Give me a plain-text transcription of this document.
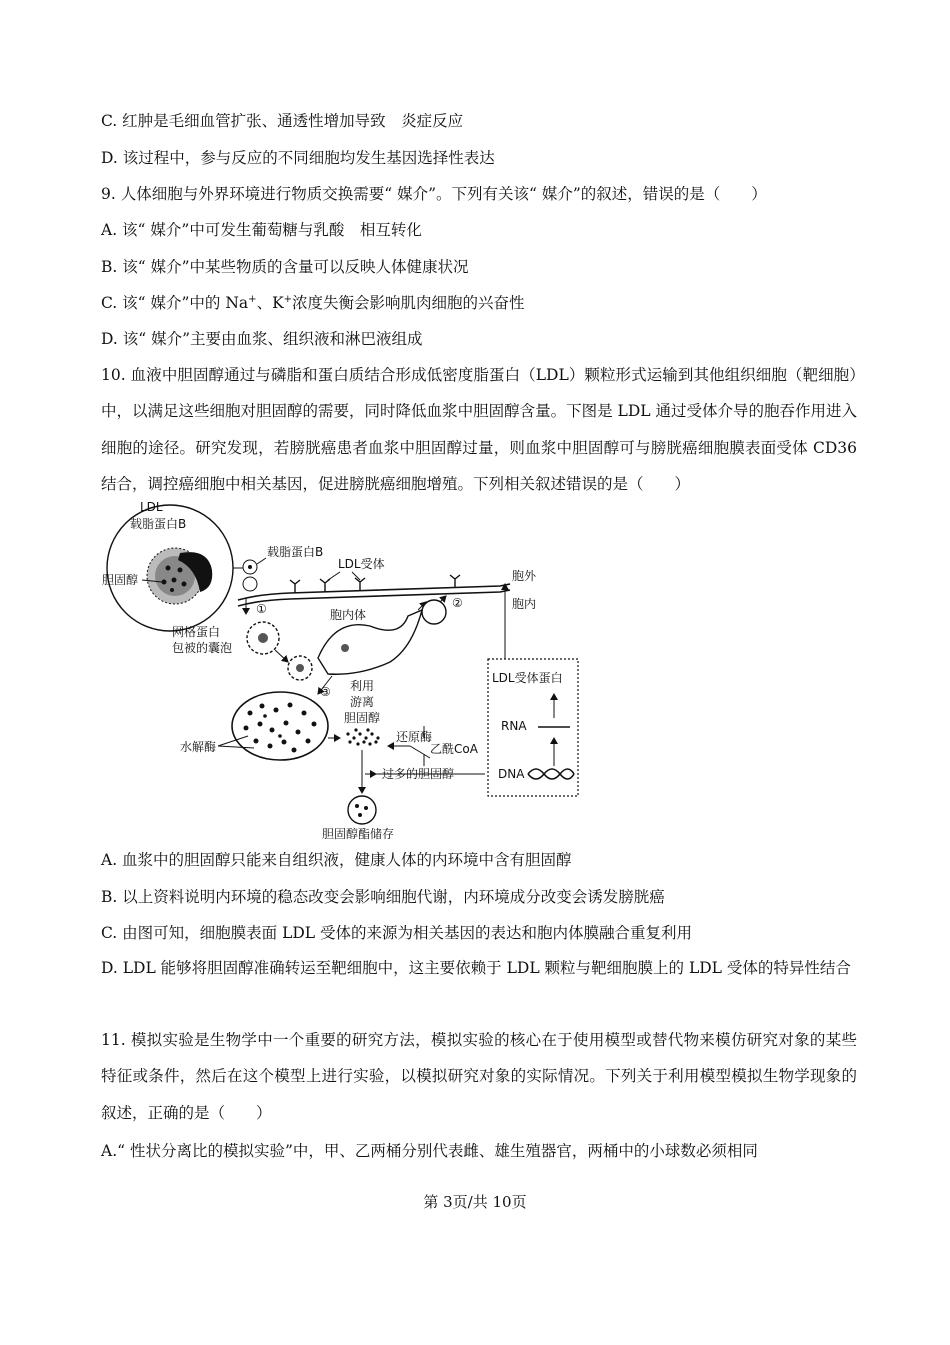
C. 红肿是毛细血管扩张、通透性增加导致　炎症反应
D. 该过程中，参与反应的不同细胞均发生基因选择性表达
9. 人体细胞与外界环境进行物质交换需要“ 媒介”。下列有关该“ 媒介”的叙述，错误的是（　　）
A. 该“ 媒介”中可发生葡萄糖与乳酸　相互转化
B. 该“ 媒介”中某些物质的含量可以反映人体健康状况
C. 该“ 媒介”中的 Na+、K+浓度失衡会影响肌肉细胞的兴奋性
D. 该“ 媒介”主要由血浆、组织液和淋巴液组成
10. 血液中胆固醇通过与磷脂和蛋白质结合形成低密度脂蛋白（LDL）颗粒形式运输到其他组织细胞（靶细胞）中，以满足这些细胞对胆固醇的需要，同时降低血浆中胆固醇含量。下图是 LDL 通过受体介导的胞吞作用进入细胞的途径。研究发现，若膀胱癌患者血浆中胆固醇过量，则血浆中胆固醇可与膀胱癌细胞膜表面受体 CD36 结合，调控癌细胞中相关基因，促进膀胱癌细胞增殖。下列相关叙述错误的是（　　）
LDL
载脂蛋白B
胆固醇
载脂蛋白B
LDL受体
胞外
胞内
①
网格蛋白
包被的囊泡
胞内体
②
③
水解酶
胆固醇
游离
利用
还原酶
乙酰CoA
过多的胆固醇
胆固醇酯储存
LDL受体蛋白
RNA
DNA
A. 血浆中的胆固醇只能来自组织液，健康人体的内环境中含有胆固醇
B. 以上资料说明内环境的稳态改变会影响细胞代谢，内环境成分改变会诱发膀胱癌
C. 由图可知，细胞膜表面 LDL 受体的来源为相关基因的表达和胞内体膜融合重复利用
D. LDL 能够将胆固醇准确转运至靶细胞中，这主要依赖于 LDL 颗粒与靶细胞膜上的 LDL 受体的特异性结合
11. 模拟实验是生物学中一个重要的研究方法，模拟实验的核心在于使用模型或替代物来模仿研究对象的某些特征或条件，然后在这个模型上进行实验，以模拟研究对象的实际情况。下列关于利用模型模拟生物学现象的叙述，正确的是（　　）
A.“ 性状分离比的模拟实验”中，甲、乙两桶分别代表雌、雄生殖器官，两桶中的小球数必须相同
第 3页/共 10页
